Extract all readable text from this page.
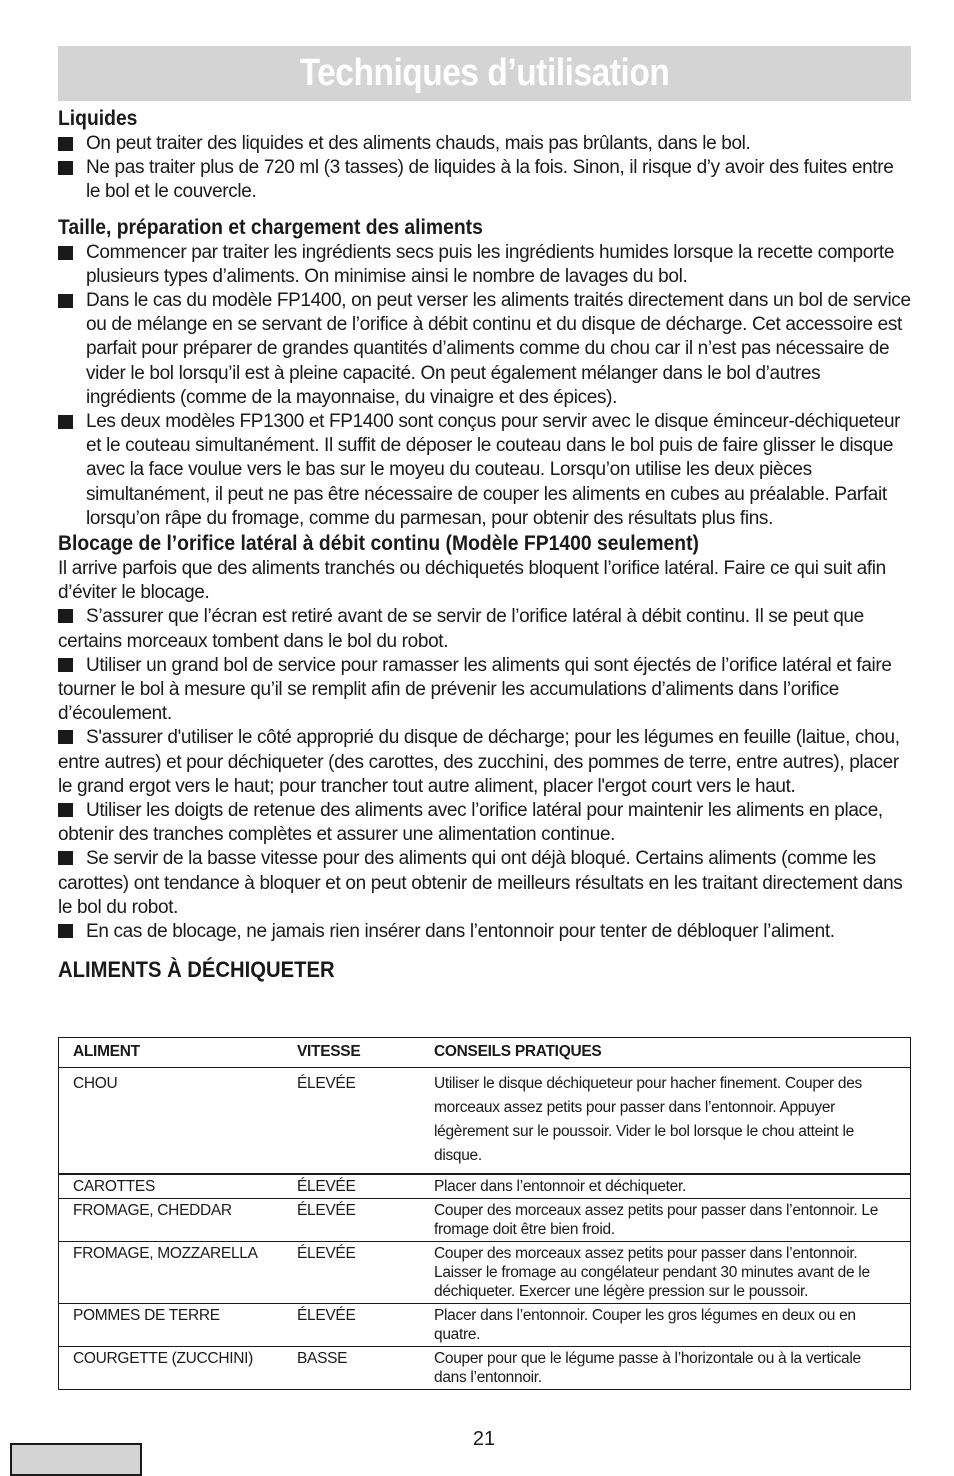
Techniques d’utilisation
Liquides
On peut traiter des liquides et des aliments chauds, mais pas brûlants, dans le bol.
Ne pas traiter plus de 720 ml (3 tasses) de liquides à la fois. Sinon, il risque d’y avoir des fuites entre le bol et le couvercle.
Taille, préparation et chargement des aliments
Commencer par traiter les ingrédients secs puis les ingrédients humides lorsque la recette comporte plusieurs types d’aliments. On minimise ainsi le nombre de lavages du bol.
Dans le cas du modèle FP1400, on peut verser les aliments traités directement dans un bol de service ou de mélange en se servant de l’orifice à débit continu et du disque de décharge. Cet accessoire est parfait pour préparer de grandes quantités d’aliments comme du chou car il n’est pas nécessaire de vider le bol lorsqu’il est à pleine capacité. On peut également mélanger dans le bol d’autres ingrédients (comme de la mayonnaise, du vinaigre et des épices).
Les deux modèles FP1300 et FP1400 sont conçus pour servir avec le disque éminceur-déchiqueteur et le couteau simultanément. Il suffit de déposer le couteau dans le bol puis de faire glisser le disque avec la face voulue vers le bas sur le moyeu du couteau. Lorsqu’on utilise les deux pièces simultanément, il peut ne pas être nécessaire de couper les aliments en cubes au préalable. Parfait lorsqu’on râpe du fromage, comme du parmesan, pour obtenir des résultats plus fins.
Blocage de l’orifice latéral à débit continu (Modèle FP1400 seulement)

Il arrive parfois que des aliments tranchés ou déchiquetés bloquent l’orifice latéral. Faire ce qui suit afin d’éviter le blocage.

S’assurer que l’écran est retiré avant de se servir de l’orifice latéral à débit continu. Il se peut que certains morceaux tombent dans le bol du robot.

Utiliser un grand bol de service pour ramasser les aliments qui sont éjectés de l’orifice latéral et faire tourner le bol à mesure qu’il se remplit afin de prévenir les accumulations d’aliments dans l’orifice d’écoulement.

S'assurer d'utiliser le côté approprié du disque de décharge; pour les légumes en feuille (laitue, chou, entre autres) et pour déchiqueter (des carottes, des zucchini, des pommes de terre, entre autres), placer le grand ergot vers le haut; pour trancher tout autre aliment, placer l'ergot court vers le haut.

Utiliser les doigts de retenue des aliments avec l’orifice latéral pour maintenir les aliments en place, obtenir des tranches complètes et assurer une alimentation continue.

Se servir de la basse vitesse pour des aliments qui ont déjà bloqué. Certains aliments (comme les carottes) ont tendance à bloquer et on peut obtenir de meilleurs résultats en les traitant directement dans le bol du robot.

En cas de blocage, ne jamais rien insérer dans l’entonnoir pour tenter de débloquer l’aliment.

ALIMENTS À DÉCHIQUETER
ALIMENT	VITESSE	CONSEILS PRATIQUES
CHOU	ÉLEVÉE	Utiliser le disque déchiqueteur pour hacher finement. Couper des morceaux assez petits pour passer dans l’entonnoir. Appuyer légèrement sur le poussoir. Vider le bol lorsque le chou atteint le disque.
CAROTTES	ÉLEVÉE	Placer dans l’entonnoir et déchiqueter.
FROMAGE, CHEDDAR	ÉLEVÉE	Couper des morceaux assez petits pour passer dans l’entonnoir. Le fromage doit être bien froid.
FROMAGE, MOZZARELLA	ÉLEVÉE	Couper des morceaux assez petits pour passer dans l’entonnoir. Laisser le fromage au congélateur pendant 30 minutes avant de le déchiqueter. Exercer une légère pression sur le poussoir.
POMMES DE TERRE	ÉLEVÉE	Placer dans l’entonnoir. Couper les gros légumes en deux ou en quatre.
COURGETTE (ZUCCHINI)	BASSE	Couper pour que le légume passe à l’horizontale ou à la verticale dans l’entonnoir.
21
